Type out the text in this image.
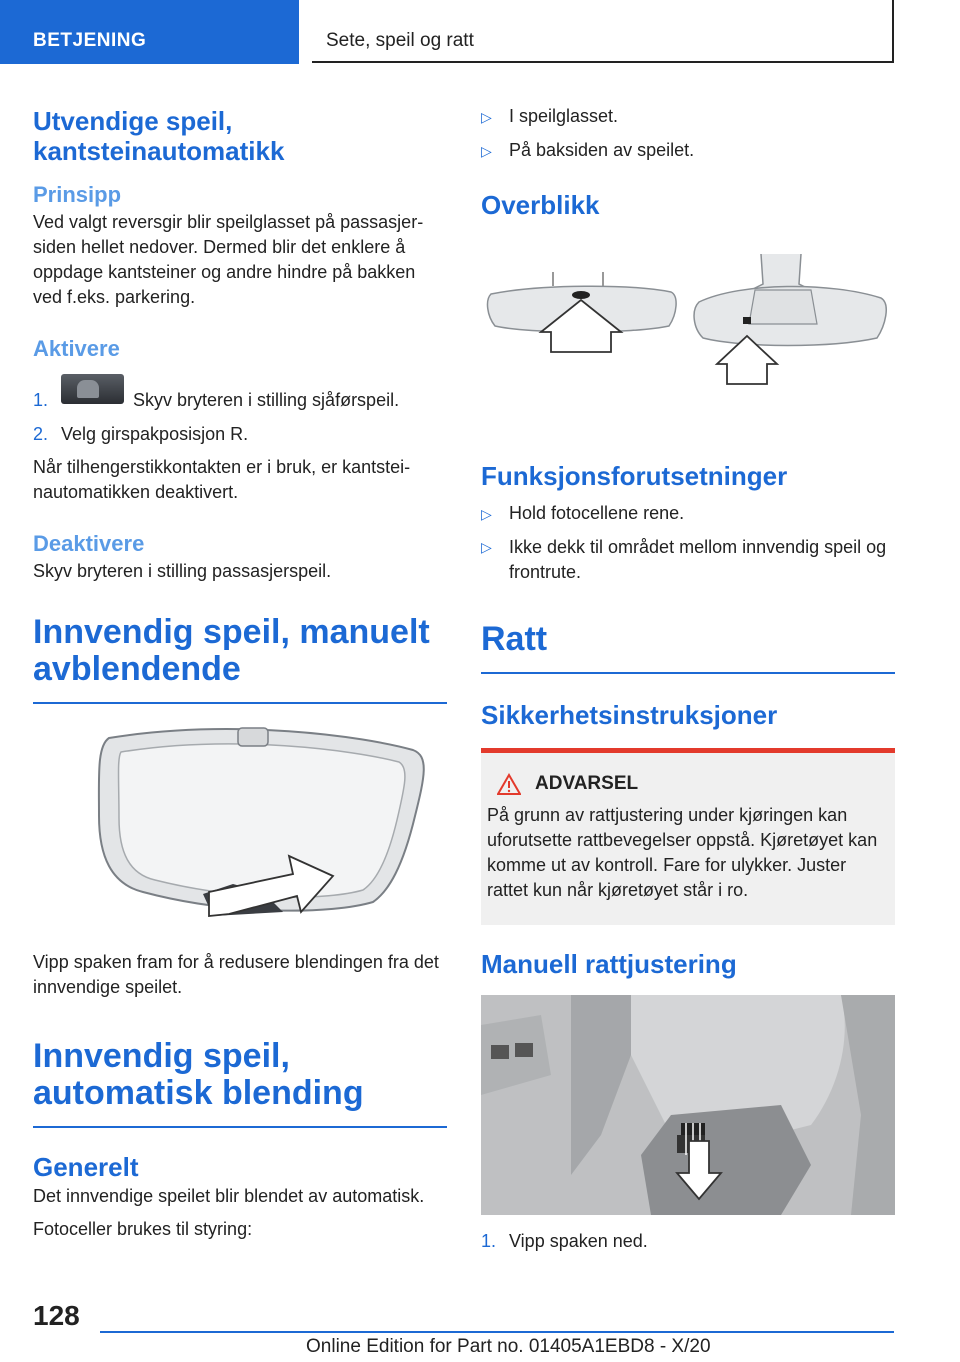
BETJENING	Sete, speil og ratt
Utvendige speil, kantsteinautomatikk
Prinsipp

Ved valgt reversgir blir speilglasset på passasjersiden hellet nedover. Dermed blir det enklere å oppdage kantsteiner og andre hindre på bakken ved f.eks. parkering.

Aktivere
1.	Skyv bryteren i stilling sjåførspeil.
2. Velg girspakposisjon R.

Når tilhengerstikkontakten er i bruk, er kantsteinautomatikken deaktivert.

Deaktivere

Skyv bryteren i stilling passasjerspeil.

Innvendig speil, manuelt avblendende

Vipp spaken fram for å redusere blendingen fra det innvendige speilet.

Innvendig speil, automatisk blending
Generelt

Det innvendige speilet blir blendet av automatisk.

Fotoceller brukes til styring:

▷ I speilglasset.
▷ På baksiden av speilet.
Overblikk
Funksjonsforutsetninger
▷ Hold fotocellene rene.
▷ Ikke dekk til området mellom innvendig speil og frontrute.
Ratt
Sikkerhetsinstruksjoner
ADVARSEL

På grunn av rattjustering under kjøringen kan uforutsette rattbevegelser oppstå. Kjøretøyet kan komme ut av kontroll. Fare for ulykker. Juster rattet kun når kjøretøyet står i ro.

Manuell rattjustering
1. Vipp spaken ned.
128
Online Edition for Part no. 01405A1EBD8 - X/20
